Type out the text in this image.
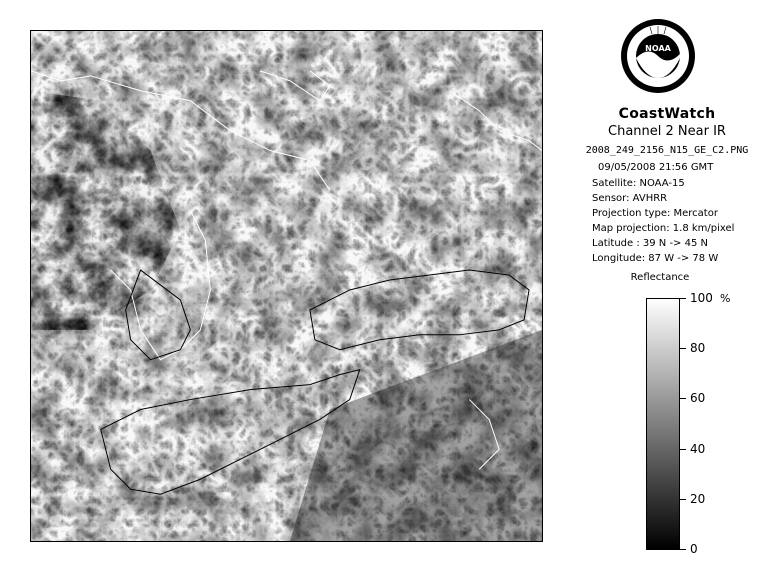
NOAA
CoastWatch
Channel 2 Near IR
2008_249_2156_N15_GE_C2.PNG
09/05/2008 21:56 GMT
Satellite: NOAA-15
Sensor: AVHRR
Projection type: Mercator
Map projection: 1.8 km/pixel
Latitude : 39 N -> 45 N
Longitude: 87 W -> 78 W
Reflectance
%
100
80
60
40
20
0
